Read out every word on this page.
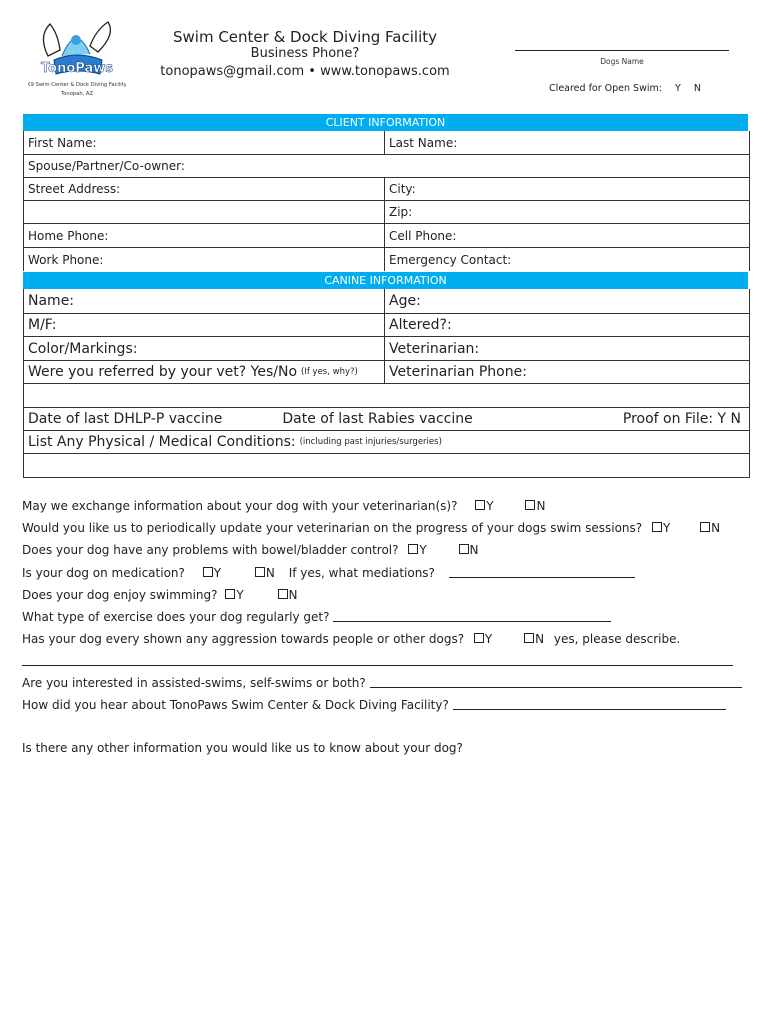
TonoPaws
K9 Swim Center & Dock Diving Facility
Tonopah, AZ
Swim Center & Dock Diving Facility
Business Phone?
tonopaws@gmail.com • www.tonopaws.com
Dogs Name
Cleared for Open Swim: Y N
CLIENT INFORMATION
First Name:	Last Name:
Spouse/Partner/Co-owner:
Street Address:	City:
Zip:
Home Phone:	Cell Phone:
Work Phone:	Emergency Contact:
CANINE INFORMATION
Name:	Age:
M/F:	Altered?:
Color/Markings:	Veterinarian:
Were you referred by your vet? Yes/No (If yes, why?) Veterinarian Phone:
Date of last DHLP-P vaccine	Date of last Rabies vaccine	Proof on File: Y N
List Any Physical / Medical Conditions: (including past injuries/surgeries)
May we exchange information about your dog with your veterinarian(s)? Y	N
Would you like us to periodically update your veterinarian on the progress of your dogs swim sessions? Y	N
Does your dog have any problems with bowel/bladder control? Y	N
Is your dog on medication? Y	N If yes, what mediations?
Does your dog enjoy swimming? Y	N
What type of exercise does your dog regularly get?
Has your dog every shown any aggression towards people or other dogs? Y	N yes, please describe.
Are you interested in assisted-swims, self-swims or both?
How did you hear about TonoPaws Swim Center & Dock Diving Facility?
Is there any other information you would like us to know about your dog?
